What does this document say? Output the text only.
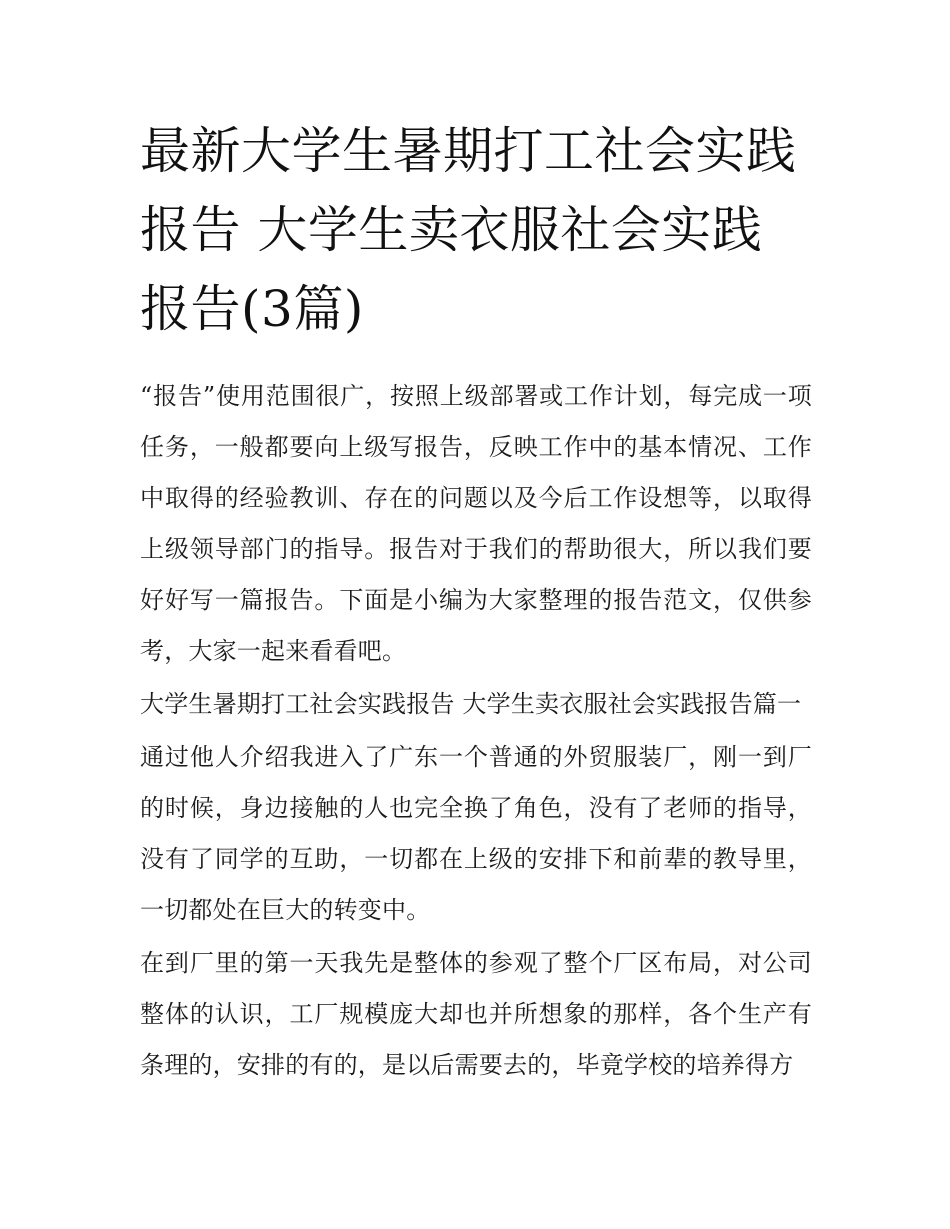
最新大学生暑期打工社会实践报告 大学生卖衣服社会实践报告(3篇)

“报告”使用范围很广，按照上级部署或工作计划，每完成一项任务，一般都要向上级写报告，反映工作中的基本情况、工作中取得的经验教训、存在的问题以及今后工作设想等，以取得上级领导部门的指导。报告对于我们的帮助很大，所以我们要好好写一篇报告。下面是小编为大家整理的报告范文，仅供参考，大家一起来看看吧。

大学生暑期打工社会实践报告 大学生卖衣服社会实践报告篇一

通过他人介绍我进入了广东一个普通的外贸服装厂，刚一到厂的时候，身边接触的人也完全换了角色，没有了老师的指导，没有了同学的互助，一切都在上级的安排下和前辈的教导里，一切都处在巨大的转变中。

在到厂里的第一天我先是整体的参观了整个厂区布局，对公司整体的认识，工厂规模庞大却也并所想象的那样，各个生产有条理的，安排的有的，是以后需要去的，毕竟学校的培养得方
